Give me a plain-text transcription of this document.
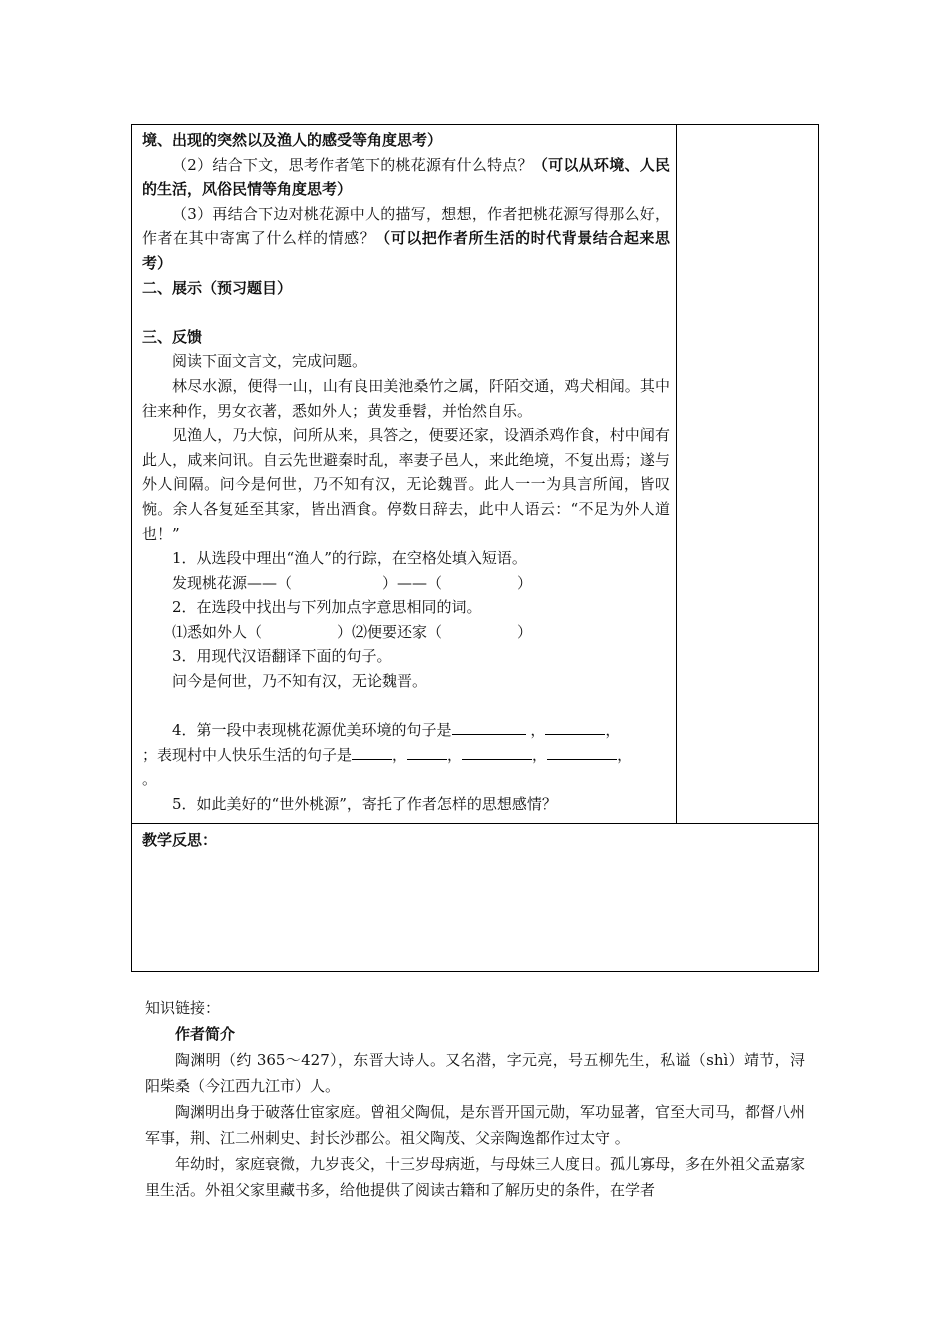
境、出现的突然以及渔人的感受等角度思考）

（2）结合下文，思考作者笔下的桃花源有什么特点？（可以从环境、人民的生活，风俗民情等角度思考）

（3）再结合下边对桃花源中人的描写，想想，作者把桃花源写得那么好，作者在其中寄寓了什么样的情感？（可以把作者所生活的时代背景结合起来思考）

二、展示（预习题目）

三、反馈

阅读下面文言文，完成问题。

林尽水源，便得一山，山有良田美池桑竹之属，阡陌交通，鸡犬相闻。其中往来种作，男女衣著，悉如外人；黄发垂髫，并怡然自乐。

见渔人，乃大惊，问所从来，具答之，便要还家，设酒杀鸡作食，村中闻有此人，咸来问讯。自云先世避秦时乱，率妻子邑人，来此绝境，不复出焉；遂与外人间隔。问今是何世，乃不知有汉，无论魏晋。此人一一为具言所闻，皆叹惋。余人各复延至其家，皆出酒食。停数日辞去，此中人语云：“不足为外人道也！”

1．从选段中理出“渔人”的行踪，在空格处填入短语。

发现桃花源——（　　　　　　）——（　　　　　）

2．在选段中找出与下列加点字意思相同的词。

⑴悉如外人（　　　　　）⑵便要还家（　　　　　）

3．用现代汉语翻译下面的句子。

问今是何世，乃不知有汉，无论魏晋。

4．第一段中表现桃花源优美环境的句子是	，	，

；表现村中人快乐生活的句子是	，	，	，	，

。

5．如此美好的“世外桃源”，寄托了作者怎样的思想感情？

教学反思：

知识链接：

作者简介

陶渊明（约 365～427），东晋大诗人。又名潜，字元亮，号五柳先生，私谥（shì）靖节，浔阳柴桑（今江西九江市）人。

陶渊明出身于破落仕宦家庭。曾祖父陶侃，是东晋开国元勋，军功显著，官至大司马，都督八州军事，荆、江二州刺史、封长沙郡公。祖父陶茂、父亲陶逸都作过太守 。

年幼时，家庭衰微，九岁丧父，十三岁母病逝，与母妹三人度日。孤儿寡母，多在外祖父孟嘉家里生活。外祖父家里藏书多，给他提供了阅读古籍和了解历史的条件，在学者
